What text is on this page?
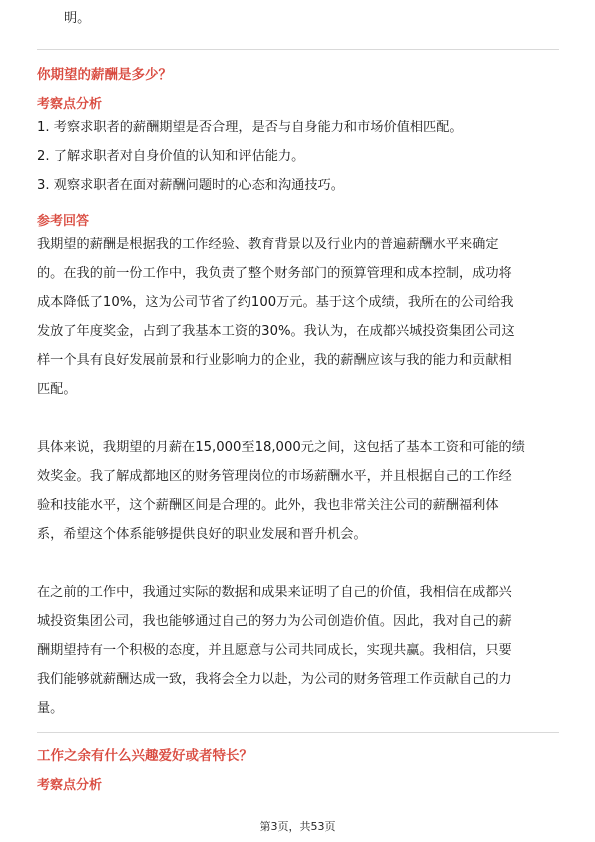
明。
你期望的薪酬是多少？
考察点分析
1. 考察求职者的薪酬期望是否合理，是否与自身能力和市场价值相匹配。
2. 了解求职者对自身价值的认知和评估能力。
3. 观察求职者在面对薪酬问题时的心态和沟通技巧。
参考回答
我期望的薪酬是根据我的工作经验、教育背景以及行业内的普遍薪酬水平来确定
的。在我的前一份工作中，我负责了整个财务部门的预算管理和成本控制，成功将
成本降低了10%，这为公司节省了约100万元。基于这个成绩，我所在的公司给我
发放了年度奖金，占到了我基本工资的30%。我认为，在成都兴城投资集团公司这
样一个具有良好发展前景和行业影响力的企业，我的薪酬应该与我的能力和贡献相
匹配。
具体来说，我期望的月薪在15,000至18,000元之间，这包括了基本工资和可能的绩
效奖金。我了解成都地区的财务管理岗位的市场薪酬水平，并且根据自己的工作经
验和技能水平，这个薪酬区间是合理的。此外，我也非常关注公司的薪酬福利体
系，希望这个体系能够提供良好的职业发展和晋升机会。
在之前的工作中，我通过实际的数据和成果来证明了自己的价值，我相信在成都兴
城投资集团公司，我也能够通过自己的努力为公司创造价值。因此，我对自己的薪
酬期望持有一个积极的态度，并且愿意与公司共同成长，实现共赢。我相信，只要
我们能够就薪酬达成一致，我将会全力以赴，为公司的财务管理工作贡献自己的力
量。
工作之余有什么兴趣爱好或者特长？
考察点分析
第3页，共53页
